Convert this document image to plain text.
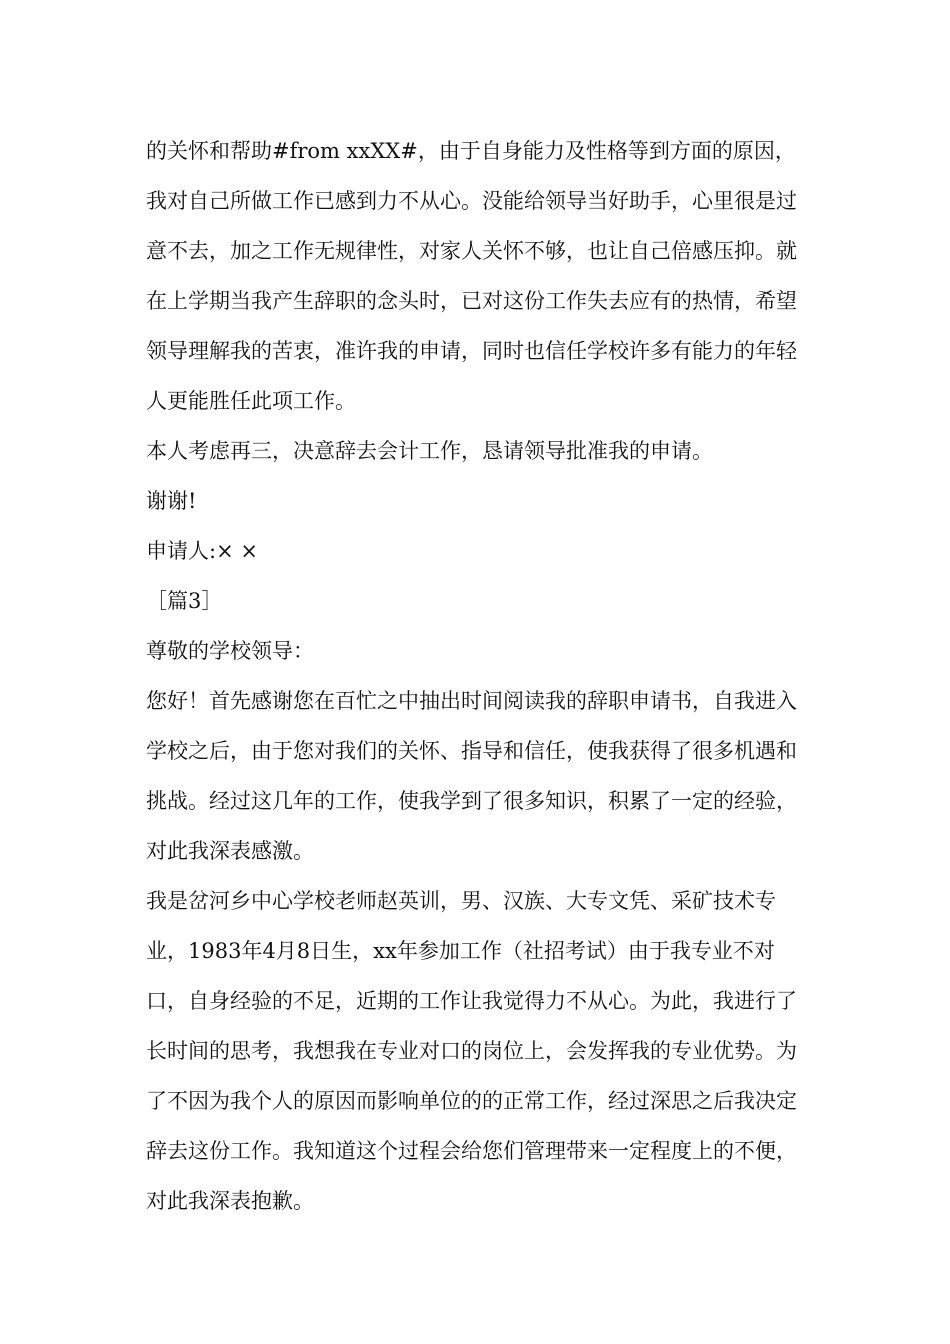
的关怀和帮助#from xxXX#，由于自身能力及性格等到方面的原因，我对自己所做工作已感到力不从心。没能给领导当好助手，心里很是过意不去，加之工作无规律性，对家人关怀不够，也让自己倍感压抑。就在上学期当我产生辞职的念头时，已对这份工作失去应有的热情，希望领导理解我的苦衷，准许我的申请，同时也信任学校许多有能力的年轻人更能胜任此项工作。

本人考虑再三，决意辞去会计工作，恳请领导批准我的申请。

谢谢!

申请人:× ×

［篇3］

尊敬的学校领导：

您好！首先感谢您在百忙之中抽出时间阅读我的辞职申请书，自我进入学校之后，由于您对我们的关怀、指导和信任，使我获得了很多机遇和挑战。经过这几年的工作，使我学到了很多知识，积累了一定的经验，对此我深表感激。

我是岔河乡中心学校老师赵英训，男、汉族、大专文凭、采矿技术专业，1983年4月8日生，xx年参加工作（社招考试）由于我专业不对口，自身经验的不足，近期的工作让我觉得力不从心。为此，我进行了长时间的思考，我想我在专业对口的岗位上，会发挥我的专业优势。为了不因为我个人的原因而影响单位的的正常工作，经过深思之后我决定辞去这份工作。我知道这个过程会给您们管理带来一定程度上的不便，对此我深表抱歉。
